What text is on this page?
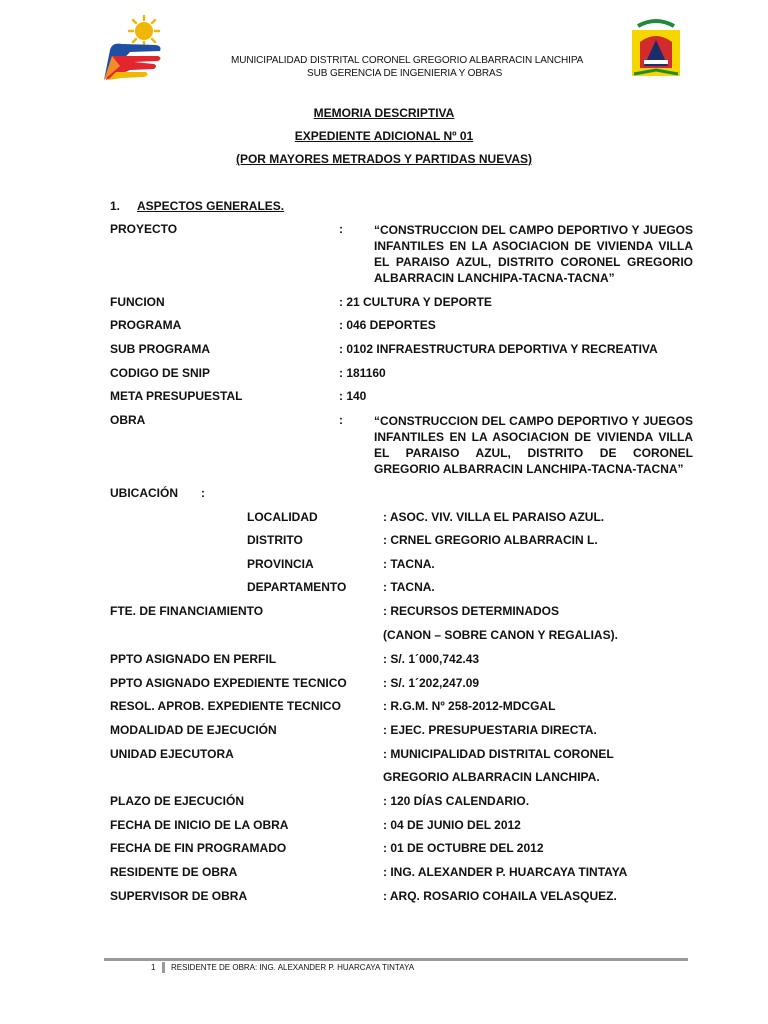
MUNICIPALIDAD DISTRITAL CORONEL GREGORIO ALBARRACIN LANCHIPA
SUB GERENCIA DE INGENIERIA Y OBRAS
MEMORIA DESCRIPTIVA
EXPEDIENTE ADICIONAL Nº 01
(POR MAYORES METRADOS Y PARTIDAS NUEVAS)
1. ASPECTOS GENERALES.
PROYECTO	:	“CONSTRUCCION DEL CAMPO DEPORTIVO Y JUEGOS INFANTILES EN LA ASOCIACION DE VIVIENDA VILLA EL PARAISO AZUL, DISTRITO CORONEL GREGORIO ALBARRACIN LANCHIPA-TACNA-TACNA”
FUNCION	: 21 CULTURA Y DEPORTE
PROGRAMA	: 046 DEPORTES
SUB PROGRAMA	: 0102 INFRAESTRUCTURA DEPORTIVA Y RECREATIVA
CODIGO DE SNIP	: 181160
META PRESUPUESTAL	: 140
OBRA	:	“CONSTRUCCION DEL CAMPO DEPORTIVO Y JUEGOS INFANTILES EN LA ASOCIACION DE VIVIENDA VILLA EL PARAISO AZUL, DISTRITO DE CORONEL GREGORIO ALBARRACIN LANCHIPA-TACNA-TACNA”
UBICACIÓN :
LOCALIDAD	: ASOC. VIV. VILLA EL PARAISO AZUL.
DISTRITO	: CRNEL GREGORIO ALBARRACIN L.
PROVINCIA	: TACNA.
DEPARTAMENTO	: TACNA.
FTE. DE FINANCIAMIENTO	: RECURSOS DETERMINADOS
(CANON – SOBRE CANON Y REGALIAS).
PPTO ASIGNADO EN PERFIL	: S/. 1´000,742.43
PPTO ASIGNADO EXPEDIENTE TECNICO	: S/. 1´202,247.09
RESOL. APROB. EXPEDIENTE TECNICO	: R.G.M. Nº 258-2012-MDCGAL
MODALIDAD DE EJECUCIÓN	: EJEC. PRESUPUESTARIA DIRECTA.
UNIDAD EJECUTORA	: MUNICIPALIDAD DISTRITAL CORONEL
GREGORIO ALBARRACIN LANCHIPA.
PLAZO DE EJECUCIÓN	: 120 DÍAS CALENDARIO.
FECHA DE INICIO DE LA OBRA	: 04 DE JUNIO DEL 2012
FECHA DE FIN PROGRAMADO	: 01 DE OCTUBRE DEL 2012
RESIDENTE DE OBRA	: ING. ALEXANDER P. HUARCAYA TINTAYA
SUPERVISOR DE OBRA	: ARQ. ROSARIO COHAILA VELASQUEZ.
1 RESIDENTE DE OBRA: ING. ALEXANDER P. HUARCAYA TINTAYA
